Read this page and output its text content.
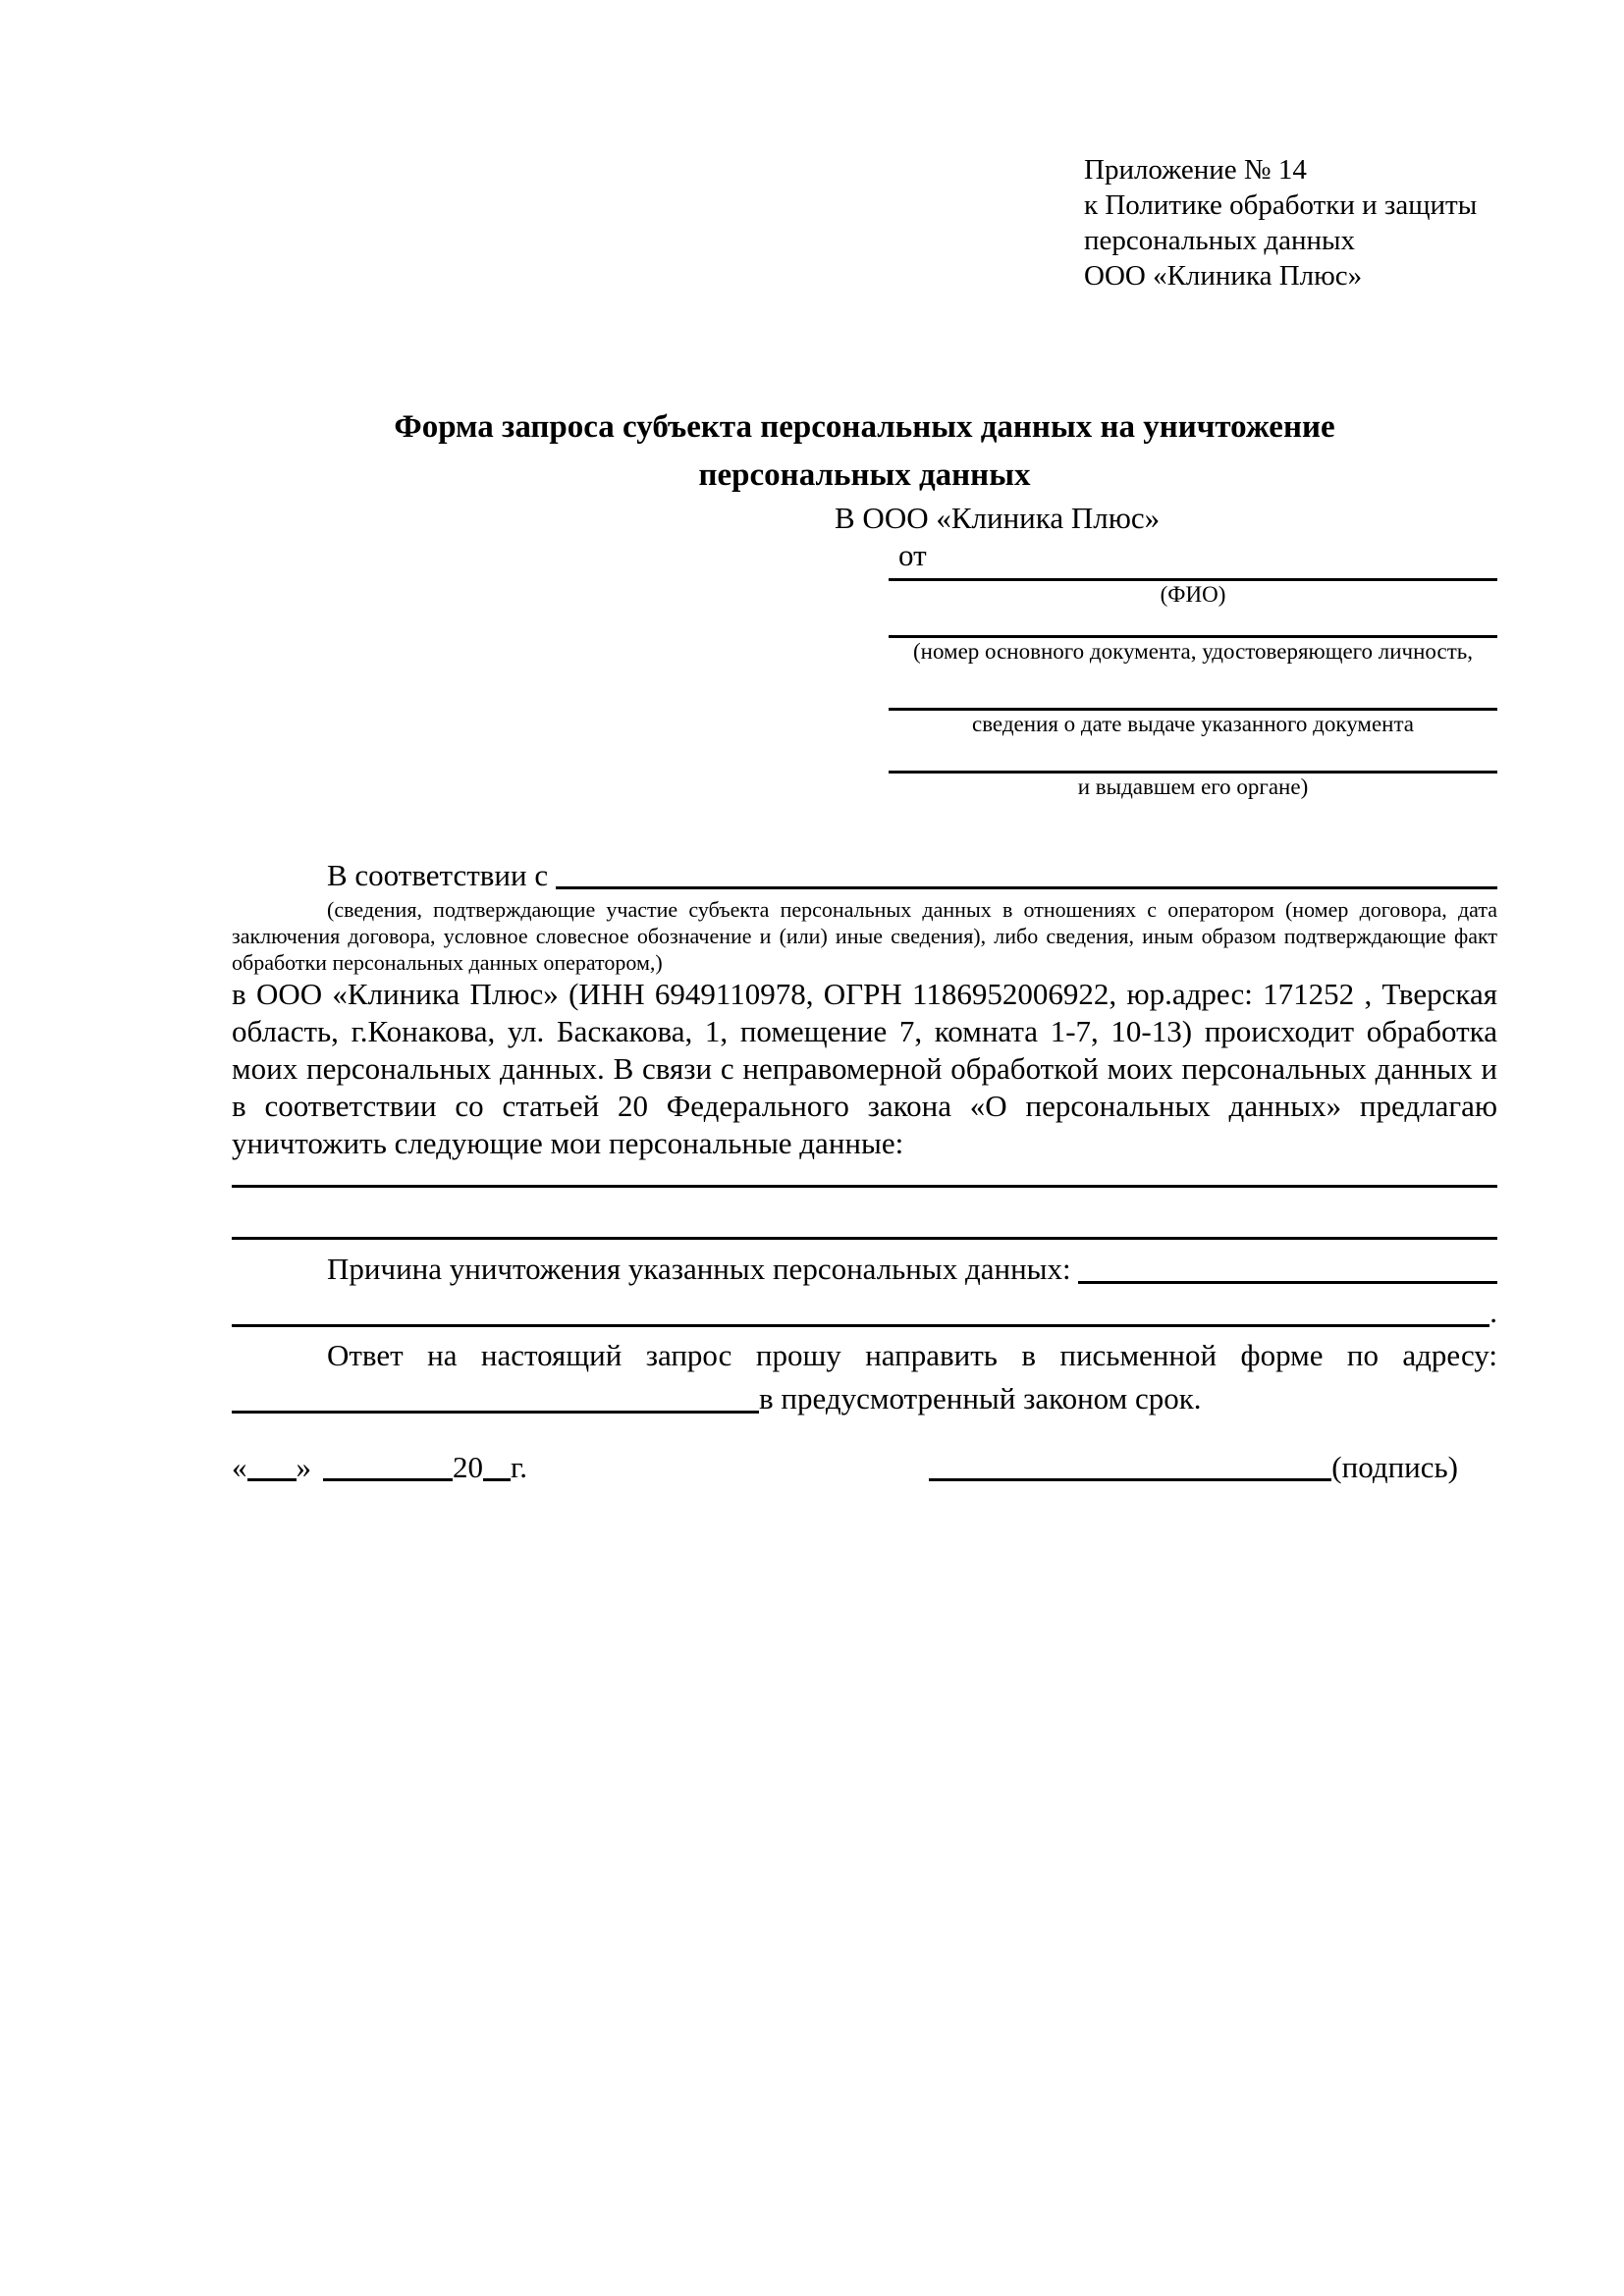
Приложение № 14
к Политике обработки и защиты
персональных данных
ООО «Клиника Плюс»
Форма запроса субъекта персональных данных на уничтожение
персональных данных
В ООО «Клиника Плюс»
от
(ФИО)
(номер основного документа, удостоверяющего личность,
сведения о дате выдаче указанного документа
и выдавшем его органе)
В соответствии с
(сведения, подтверждающие участие субъекта персональных данных в отношениях с оператором (номер договора, дата заключения договора, условное словесное обозначение и (или) иные сведения), либо сведения, иным образом подтверждающие факт обработки персональных данных оператором,)
в ООО «Клиника Плюс» (ИНН 6949110978, ОГРН 1186952006922, юр.адрес: 171252 , Тверская область, г.Конакова, ул. Баскакова, 1, помещение 7, комната 1-7, 10-13) происходит обработка моих персональных данных. В связи с неправомерной обработкой моих персональных данных и в соответствии со статьей 20 Федерального закона «О персональных данных» предлагаю уничтожить следующие мои персональные данные:
Причина уничтожения указанных персональных данных:
.
Ответ на настоящий запрос прошу направить в письменной форме по адресу:
в предусмотренный законом срок.
« »	20 г.	(подпись)
